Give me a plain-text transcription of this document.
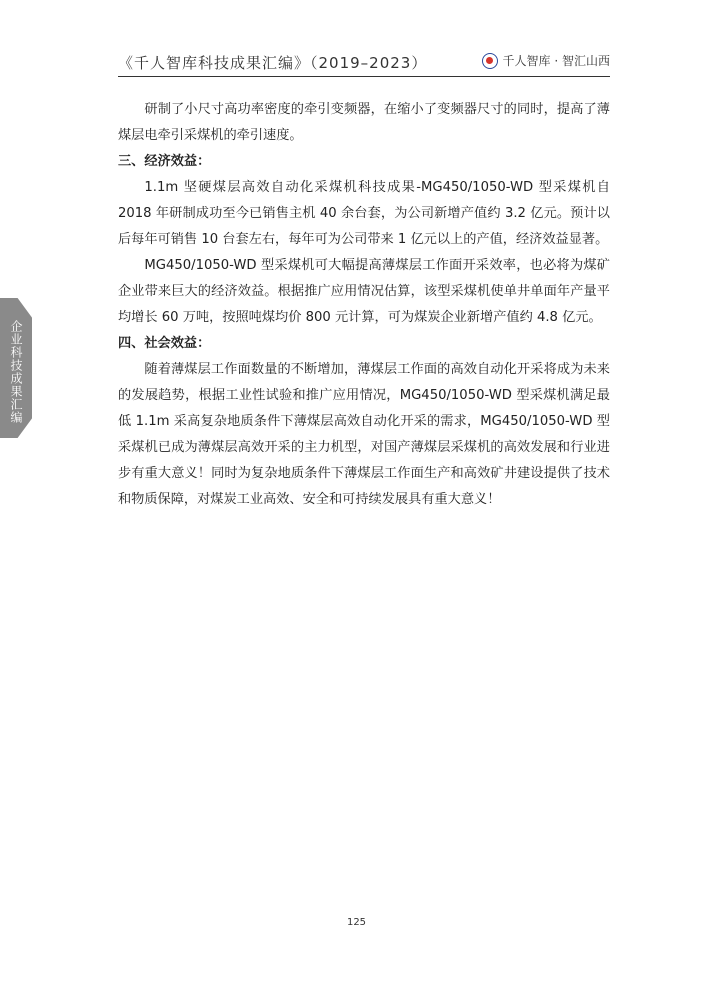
《千人智库科技成果汇编》（2019–2023）	千人智库 · 智汇山西
企业科技成果汇编

研制了小尺寸高功率密度的牵引变频器，在缩小了变频器尺寸的同时，提高了薄煤层电牵引采煤机的牵引速度。

三、经济效益：

1.1m 坚硬煤层高效自动化采煤机科技成果-MG450/1050-WD 型采煤机自 2018 年研制成功至今已销售主机 40 余台套，为公司新增产值约 3.2 亿元。预计以后每年可销售 10 台套左右，每年可为公司带来 1 亿元以上的产值，经济效益显著。

MG450/1050-WD 型采煤机可大幅提高薄煤层工作面开采效率，也必将为煤矿企业带来巨大的经济效益。根据推广应用情况估算，该型采煤机使单井单面年产量平均增长 60 万吨，按照吨煤均价 800 元计算，可为煤炭企业新增产值约 4.8 亿元。

四、社会效益：

随着薄煤层工作面数量的不断增加，薄煤层工作面的高效自动化开采将成为未来的发展趋势，根据工业性试验和推广应用情况，MG450/1050-WD 型采煤机满足最低 1.1m 采高复杂地质条件下薄煤层高效自动化开采的需求，MG450/1050-WD 型采煤机已成为薄煤层高效开采的主力机型，对国产薄煤层采煤机的高效发展和行业进步有重大意义！同时为复杂地质条件下薄煤层工作面生产和高效矿井建设提供了技术和物质保障，对煤炭工业高效、安全和可持续发展具有重大意义！

125
